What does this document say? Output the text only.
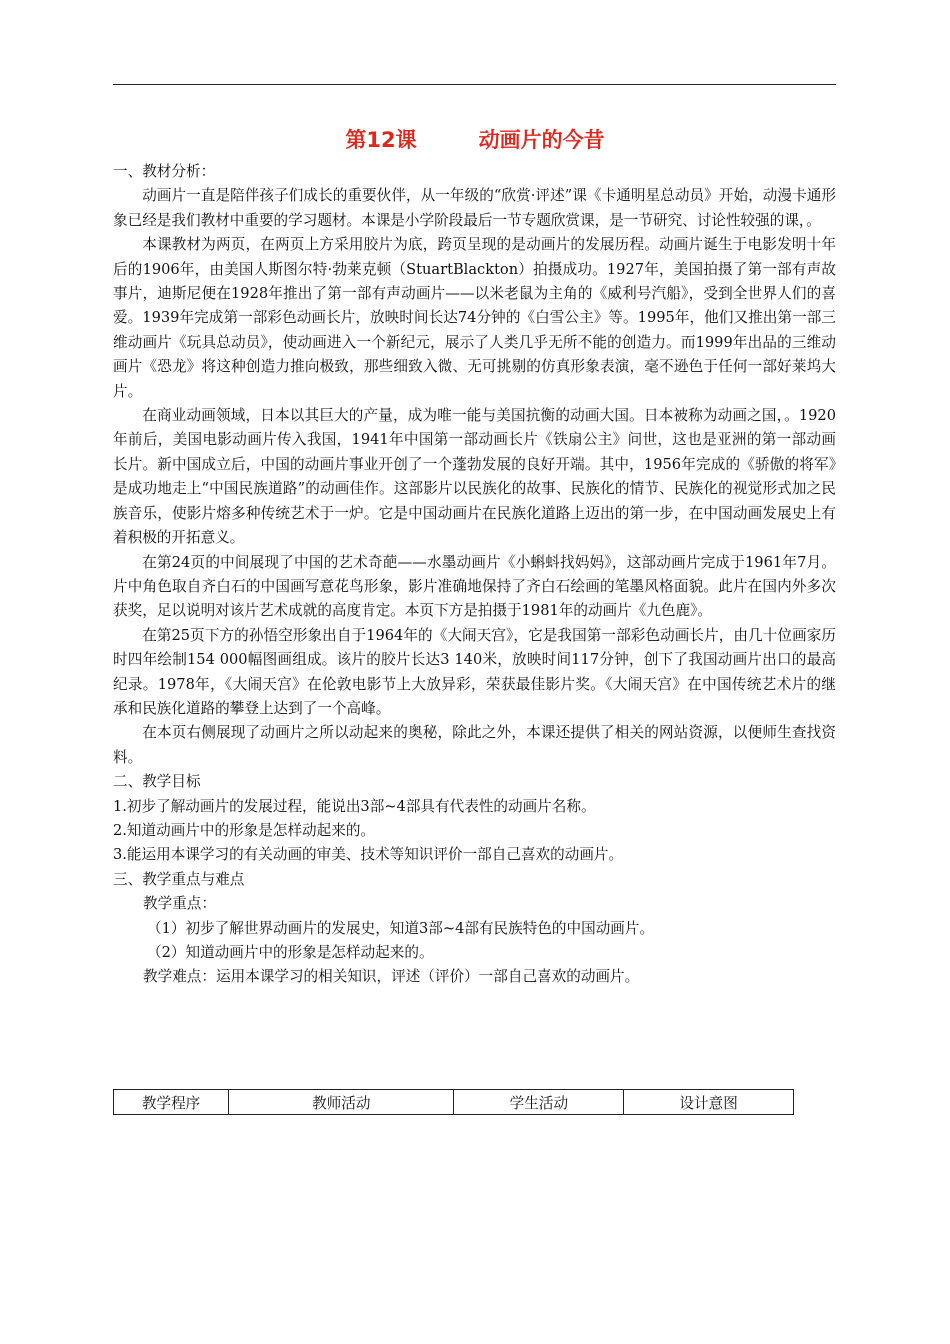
第12课	动画片的今昔

一、教材分析：

动画片一直是陪伴孩子们成长的重要伙伴，从一年级的“欣赏·评述”课《卡通明星总动员》开始，动漫卡通形象已经是我们教材中重要的学习题材。本课是小学阶段最后一节专题欣赏课，是一节研究、讨论性较强的课，。

本课教材为两页，在两页上方采用胶片为底，跨页呈现的是动画片的发展历程。动画片诞生于电影发明十年后的1906年，由美国人斯图尔特·勃莱克顿（StuartBlackton）拍摄成功。1927年，美国拍摄了第一部有声故事片，迪斯尼便在1928年推出了第一部有声动画片——以米老鼠为主角的《威利号汽船》，受到全世界人们的喜爱。1939年完成第一部彩色动画长片，放映时间长达74分钟的《白雪公主》等。1995年，他们又推出第一部三维动画片《玩具总动员》，使动画进入一个新纪元，展示了人类几乎无所不能的创造力。而1999年出品的三维动画片《恐龙》将这种创造力推向极致，那些细致入微、无可挑剔的仿真形象表演，毫不逊色于任何一部好莱坞大片。

在商业动画领域，日本以其巨大的产量，成为唯一能与美国抗衡的动画大国。日本被称为动画之国，。1920年前后，美国电影动画片传入我国，1941年中国第一部动画长片《铁扇公主》问世，这也是亚洲的第一部动画长片。新中国成立后，中国的动画片事业开创了一个蓬勃发展的良好开端。其中，1956年完成的《骄傲的将军》是成功地走上“中国民族道路”的动画佳作。这部影片以民族化的故事、民族化的情节、民族化的视觉形式加之民族音乐，使影片熔多种传统艺术于一炉。它是中国动画片在民族化道路上迈出的第一步，在中国动画发展史上有着积极的开拓意义。

在第24页的中间展现了中国的艺术奇葩——水墨动画片《小蝌蚪找妈妈》，这部动画片完成于1961年7月。片中角色取自齐白石的中国画写意花鸟形象，影片准确地保持了齐白石绘画的笔墨风格面貌。此片在国内外多次获奖，足以说明对该片艺术成就的高度肯定。本页下方是拍摄于1981年的动画片《九色鹿》。

在第25页下方的孙悟空形象出自于1964年的《大闹天宫》，它是我国第一部彩色动画长片，由几十位画家历时四年绘制154 000幅图画组成。该片的胶片长达3 140米，放映时间117分钟，创下了我国动画片出口的最高纪录。1978年，《大闹天宫》在伦敦电影节上大放异彩，荣获最佳影片奖。《大闹天宫》在中国传统艺术片的继承和民族化道路的攀登上达到了一个高峰。

在本页右侧展现了动画片之所以动起来的奥秘，除此之外，本课还提供了相关的网站资源，以便师生查找资料。

二、教学目标

1.初步了解动画片的发展过程，能说出3部~4部具有代表性的动画片名称。

2.知道动画片中的形象是怎样动起来的。

3.能运用本课学习的有关动画的审美、技术等知识评价一部自己喜欢的动画片。

三、教学重点与难点

教学重点：

（1）初步了解世界动画片的发展史，知道3部~4部有民族特色的中国动画片。

（2）知道动画片中的形象是怎样动起来的。

教学难点：运用本课学习的相关知识，评述（评价）一部自己喜欢的动画片。

教学程序	教师活动	学生活动	设计意图
